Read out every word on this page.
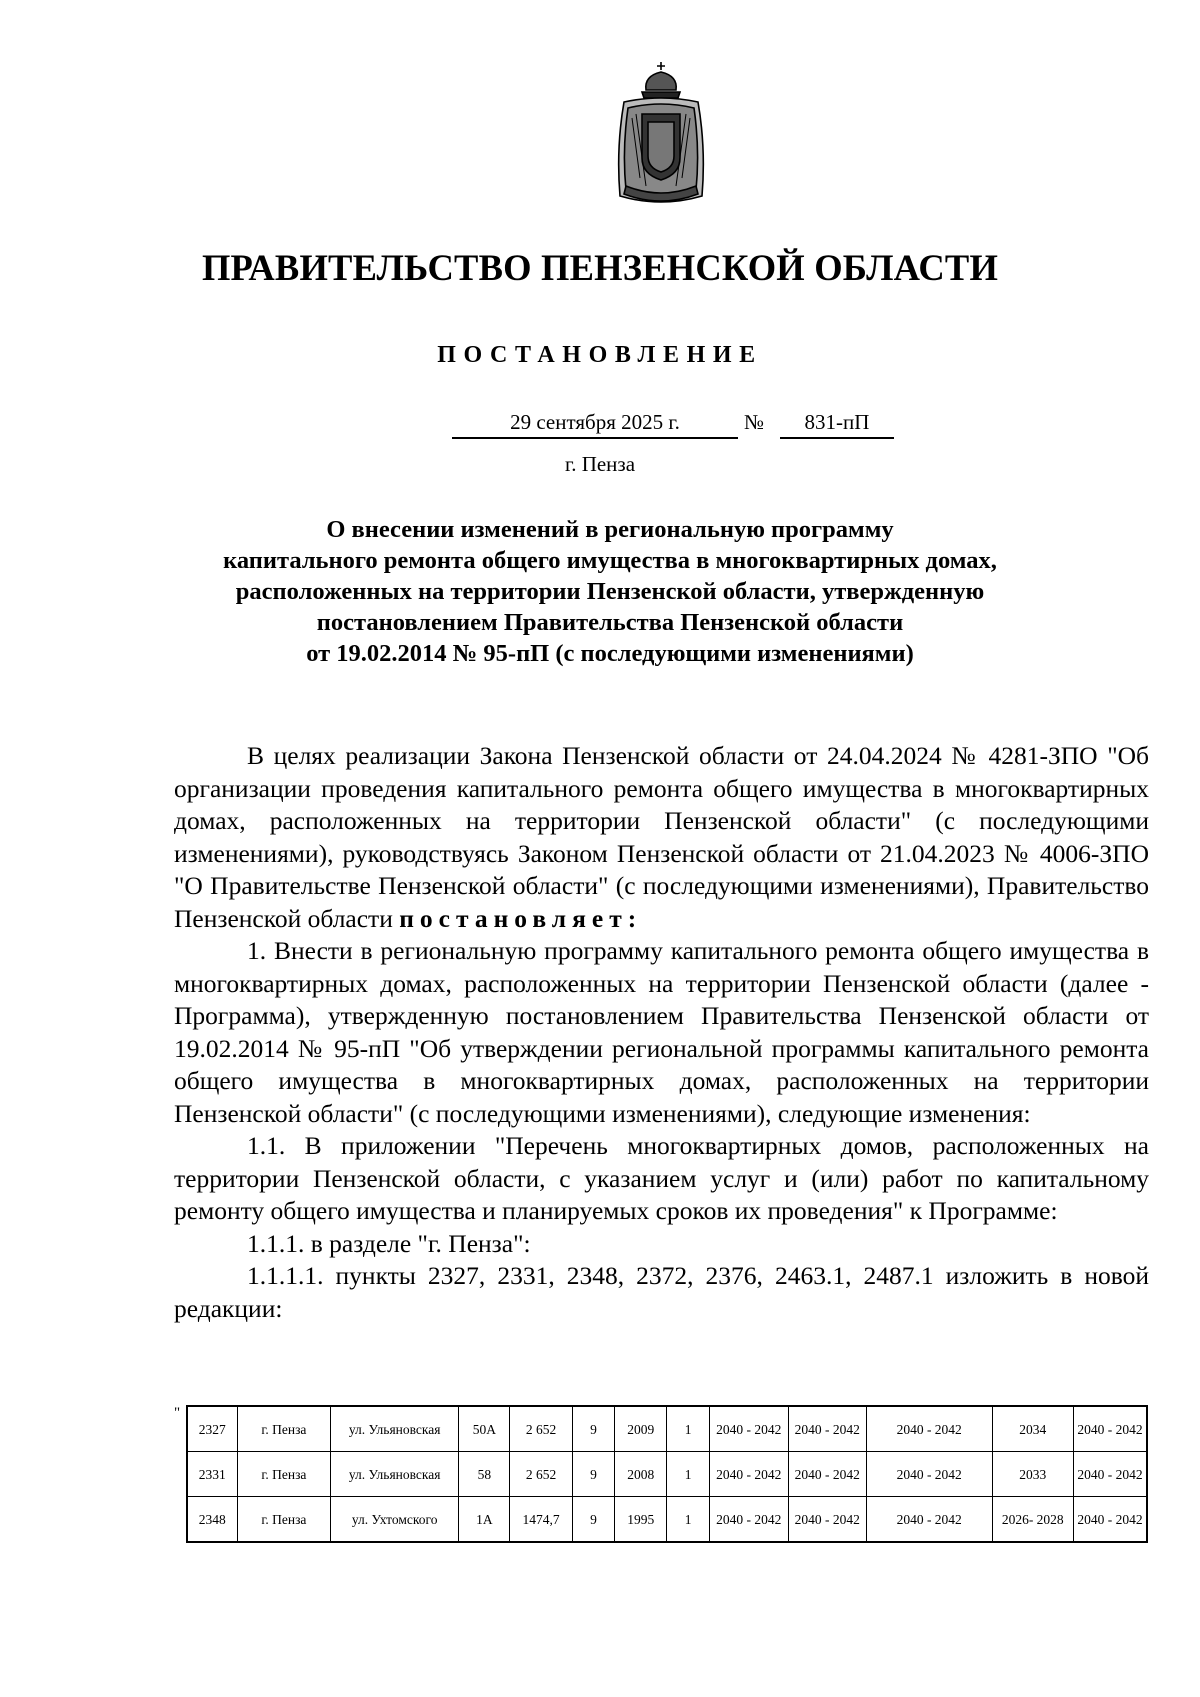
ПРАВИТЕЛЬСТВО ПЕНЗЕНСКОЙ ОБЛАСТИ
ПОСТАНОВЛЕНИЕ
29 сентября 2025 г.	№	831-пП
г. Пенза
О внесении изменений в региональную программу
капитального ремонта общего имущества в многоквартирных домах,
расположенных на территории Пензенской области, утвержденную
постановлением Правительства Пензенской области
от 19.02.2014 № 95-пП (с последующими изменениями)

В целях реализации Закона Пензенской области от 24.04.2024 № 4281-ЗПО "Об организации проведения капитального ремонта общего имущества в многоквартирных домах, расположенных на территории Пензенской области" (с последующими изменениями), руководствуясь Законом Пензенской области от 21.04.2023 № 4006-ЗПО "О Правительстве Пензенской области" (с последующими изменениями), Правительство Пензенской области постановляет:

1. Внести в региональную программу капитального ремонта общего имущества в многоквартирных домах, расположенных на территории Пензенской области (далее - Программа), утвержденную постановлением Правительства Пензенской области от 19.02.2014 № 95-пП "Об утверждении региональной программы капитального ремонта общего имущества в многоквартирных домах, расположенных на территории Пензенской области" (с последующими изменениями), следующие изменения:

1.1. В приложении "Перечень многоквартирных домов, расположенных на территории Пензенской области, с указанием услуг и (или) работ по капитальному ремонту общего имущества и планируемых сроков их проведения" к Программе:

1.1.1. в разделе "г. Пенза":

1.1.1.1. пункты 2327, 2331, 2348, 2372, 2376, 2463.1, 2487.1 изложить в новой редакции:

"
2327	г. Пенза	ул. Ульяновская	50А	2 652	9	2009	1	2040 - 2042	2040 - 2042	2040 - 2042	2034	2040 - 2042
2331	г. Пенза	ул. Ульяновская	58	2 652	9	2008	1	2040 - 2042	2040 - 2042	2040 - 2042	2033	2040 - 2042
2348	г. Пенза	ул. Ухтомского	1А	1474,7	9	1995	1	2040 - 2042	2040 - 2042	2040 - 2042	2026- 2028	2040 - 2042
